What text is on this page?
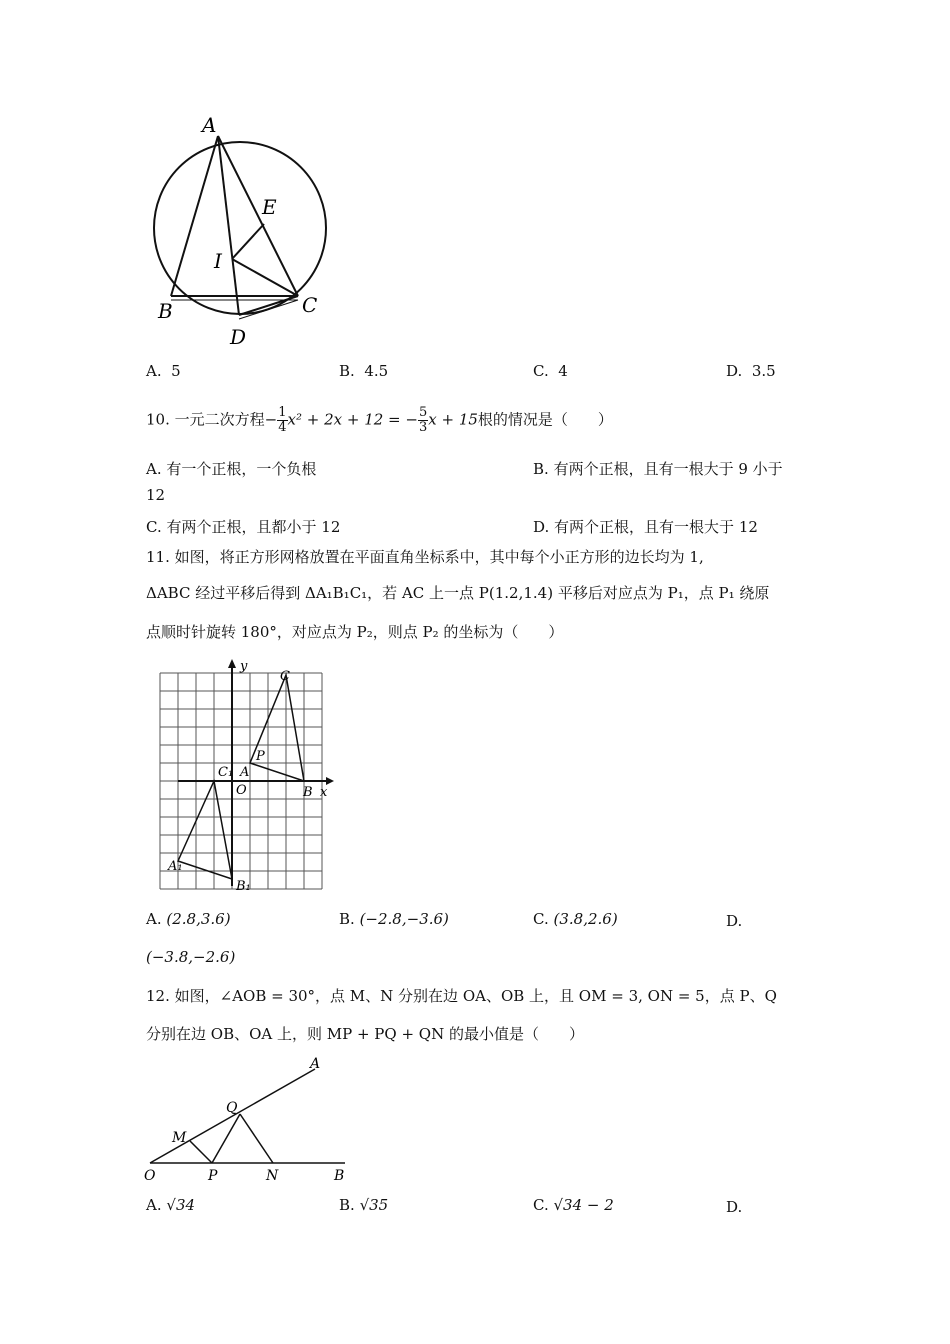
A
E
I
B	C
D
A. 5	B. 4.5	C. 4	D. 3.5
10. 一元二次方程− $\frac{1}{4} x^2 + 2x + 12$ = − $\frac{5}{3}$ x + 15根的情况是（　　）
A. 有一个正根，一个负根	B. 有两个正根，且有一根大于 9 小于
12
C. 有两个正根，且都小于 12	D. 有两个正根，且有一根大于 12
11. 如图，将正方形网格放置在平面直角坐标系中，其中每个小正方形的边长均为 1,
ΔABC 经过平移后得到 ΔA₁B₁C₁，若 AC 上一点 P(1.2,1.4) 平移后对应点为 P₁，点 P₁ 绕原
点顺时针旋转 180°，对应点为 P₂，则点 P₂ 的坐标为（　　）
y
x
O
C
P
A
B
C₁
A₁
B₁
A. (2.8,3.6)	B. (−2.8,−3.6)	C. (3.8,2.6)	D.
(−3.8,−2.6)
12. 如图，∠AOB = 30°，点 M、N 分别在边 OA、OB 上，且 OM = 3, ON = 5，点 P、Q
分别在边 OB、OA 上，则 MP + PQ + QN 的最小值是（　　）
A
Q
M
O	P	N	B
A. √34	B. √35	C. √34 − 2	D.
